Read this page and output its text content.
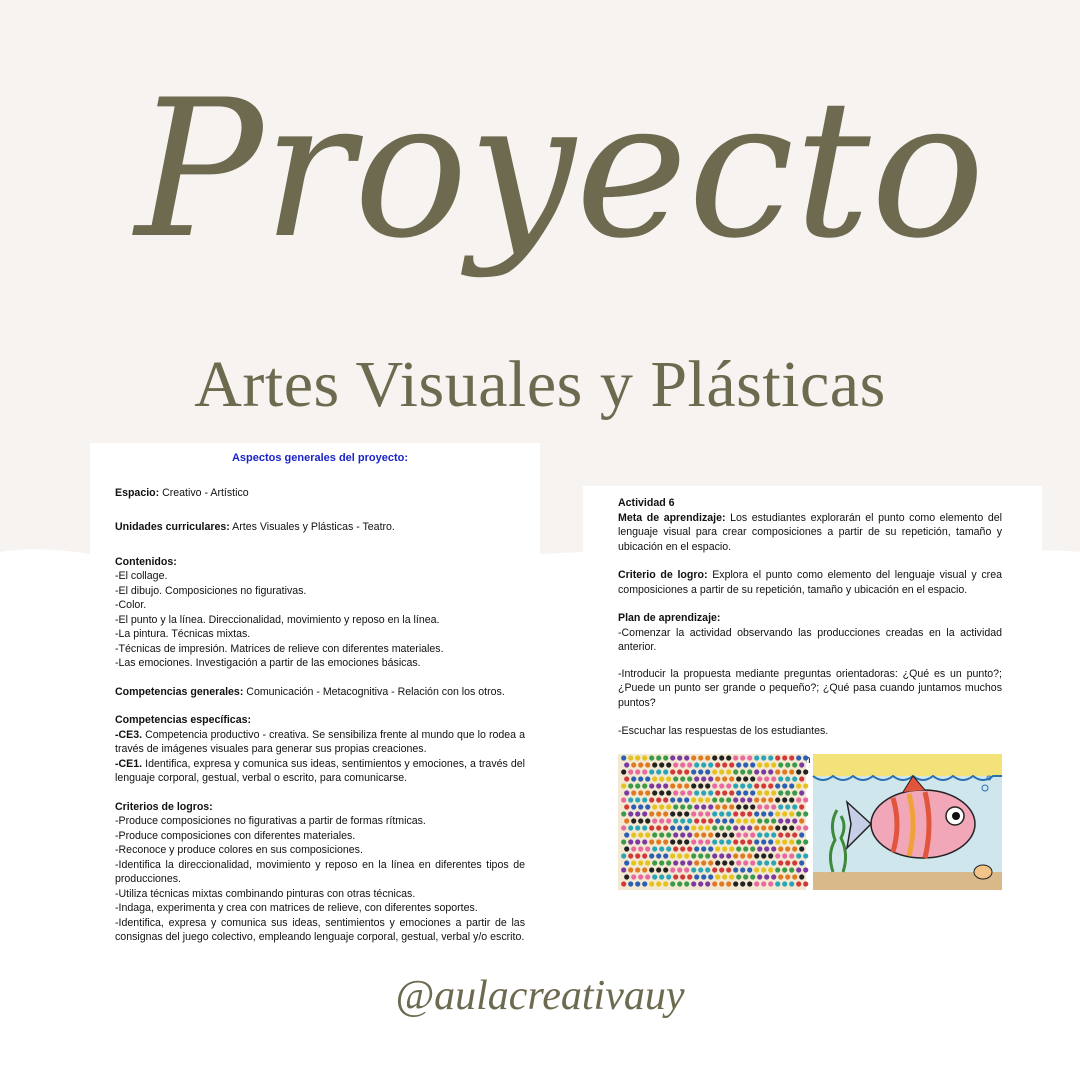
Proyecto
Artes Visuales y Plásticas
Aspectos generales del proyecto:

Espacio: Creativo - Artístico

Unidades curriculares: Artes Visuales y Plásticas - Teatro.

Contenidos:
-El collage.
-El dibujo. Composiciones no figurativas.
-Color.
-El punto y la línea. Direccionalidad, movimiento y reposo en la línea.
-La pintura. Técnicas mixtas.
-Técnicas de impresión. Matrices de relieve con diferentes materiales.
-Las emociones. Investigación a partir de las emociones básicas.

Competencias generales: Comunicación - Metacognitiva - Relación con los otros.

Competencias específicas:
-CE3. Competencia productivo - creativa. Se sensibiliza frente al mundo que lo rodea a través de imágenes visuales para generar sus propias creaciones.
-CE1. Identifica, expresa y comunica sus ideas, sentimientos y emociones, a través del lenguaje corporal, gestual, verbal o escrito, para comunicarse.
Criterios de logros:
-Produce composiciones no figurativas a partir de formas rítmicas.
-Produce composiciones con diferentes materiales.
-Reconoce y produce colores en sus composiciones.
-Identifica la direccionalidad, movimiento y reposo en la línea en diferentes tipos de producciones.
-Utiliza técnicas mixtas combinando pinturas con otras técnicas.
-Indaga, experimenta y crea con matrices de relieve, con diferentes soportes.
-Identifica, expresa y comunica sus ideas, sentimientos y emociones a partir de las consignas del juego colectivo, empleando lenguaje corporal, gestual, verbal y/o escrito.
Actividad 6
Meta de aprendizaje: Los estudiantes explorarán el punto como elemento del lenguaje visual para crear composiciones a partir de su repetición, tamaño y ubicación en el espacio.

Criterio de logro: Explora el punto como elemento del lenguaje visual y crea composiciones a partir de su repetición, tamaño y ubicación en el espacio.

Plan de aprendizaje:
-Comenzar la actividad observando las producciones creadas en la actividad anterior.

-Introducir la propuesta mediante preguntas orientadoras: ¿Qué es un punto?; ¿Puede un punto ser grande o pequeño?; ¿Qué pasa cuando juntamos muchos puntos?

-Escuchar las respuestas de los estudiantes.

@aulacreativauy
